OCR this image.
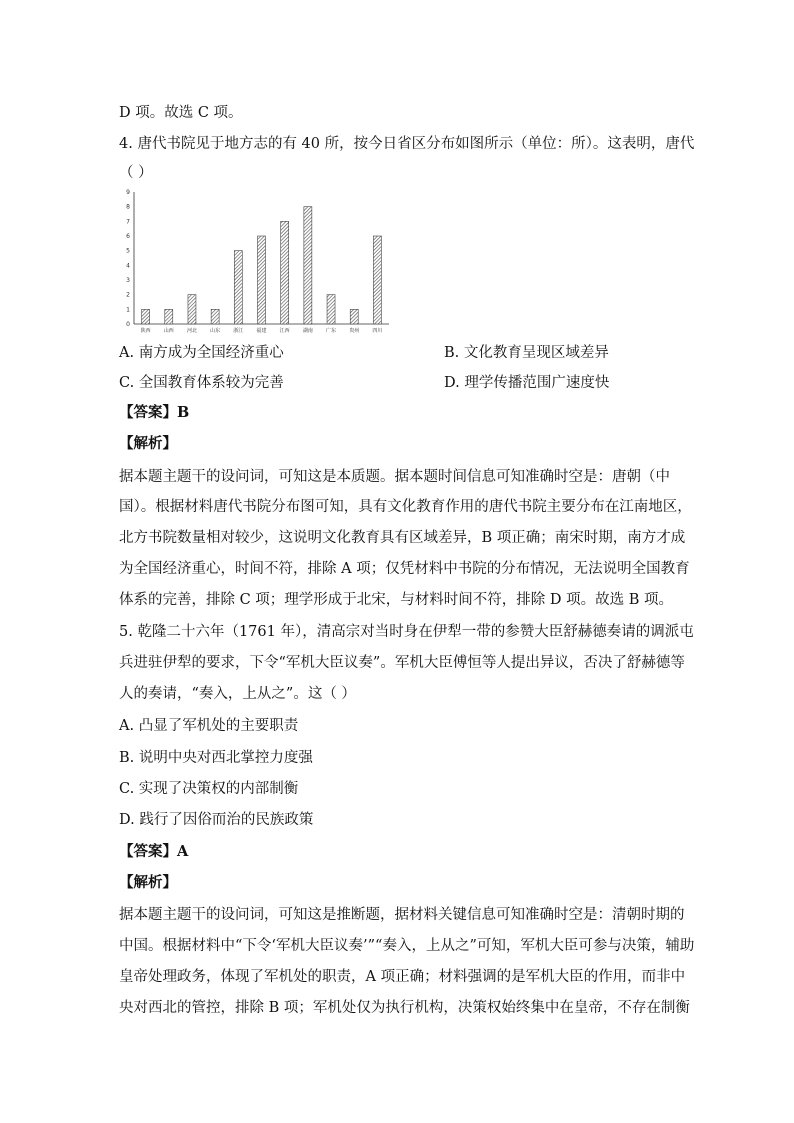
D 项。故选 C 项。
4. 唐代书院见于地方志的有 40 所，按今日省区分布如图所示（单位：所）。这表明，唐代
（ ）
0
1
2
3
4
5
6
7
8
9
陕西	山西	河北	山东	浙江	福建	江西	湖南	广东	贵州	四川
A. 南方成为全国经济重心	B. 文化教育呈现区域差异
C. 全国教育体系较为完善	D. 理学传播范围广速度快
【答案】B
【解析】
据本题主题干的设问词，可知这是本质题。据本题时间信息可知准确时空是：唐朝（中
国）。根据材料唐代书院分布图可知，具有文化教育作用的唐代书院主要分布在江南地区，
北方书院数量相对较少，这说明文化教育具有区域差异，B 项正确；南宋时期，南方才成
为全国经济重心，时间不符，排除 A 项；仅凭材料中书院的分布情况，无法说明全国教育
体系的完善，排除 C 项；理学形成于北宋，与材料时间不符，排除 D 项。故选 B 项。
5. 乾隆二十六年（1761 年），清高宗对当时身在伊犁一带的参赞大臣舒赫德奏请的调派屯
兵进驻伊犁的要求，下令“军机大臣议奏”。军机大臣傅恒等人提出异议，否决了舒赫德等
人的奏请，“奏入，上从之”。这（ ）
A. 凸显了军机处的主要职责
B. 说明中央对西北掌控力度强
C. 实现了决策权的内部制衡
D. 践行了因俗而治的民族政策
【答案】A
【解析】
据本题主题干的设问词，可知这是推断题，据材料关键信息可知准确时空是：清朝时期的
中国。根据材料中“下令‘军机大臣议奏’”“奏入，上从之”可知，军机大臣可参与决策，辅助
皇帝处理政务，体现了军机处的职责，A 项正确；材料强调的是军机大臣的作用，而非中
央对西北的管控，排除 B 项；军机处仅为执行机构，决策权始终集中在皇帝，不存在制衡
